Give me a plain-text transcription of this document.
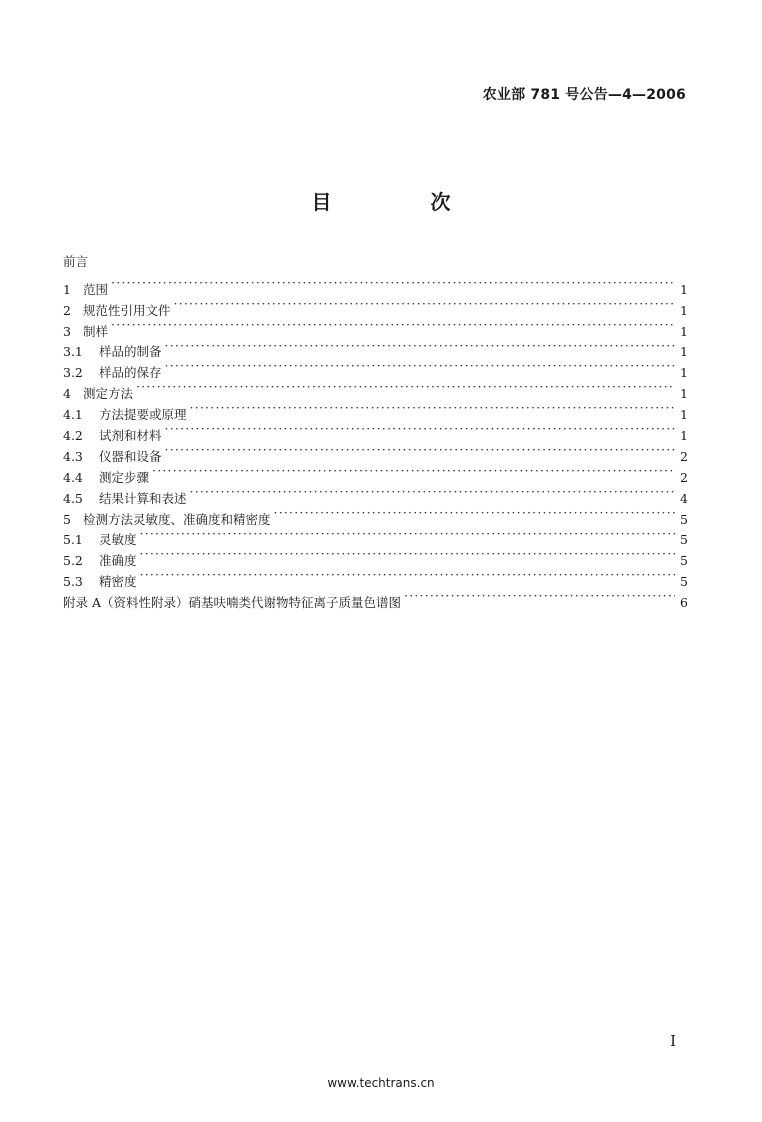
农业部 781 号公告—4—2006
目 次
前言
1 范围 ·····	1
2 规范性引用文件 ·····	1
3 制样 ·····	1
3.1	样品的制备 ·····	1
3.2	样品的保存 ·····	1
4 测定方法 ·····	1
4.1	方法提要或原理 ·····	1
4.2	试剂和材料 ·····	1
4.3	仪器和设备 ·····	2
4.4	测定步骤 ·····	2
4.5	结果计算和表述 ·····	4
5 检测方法灵敏度、准确度和精密度 ·····	5
5.1	灵敏度 ·····	5
5.2	准确度 ·····	5
5.3	精密度 ·····	5
附录 A（资料性附录）硝基呋喃类代谢物特征离子质量色谱图 ·····	6
I
www.techtrans.cn
